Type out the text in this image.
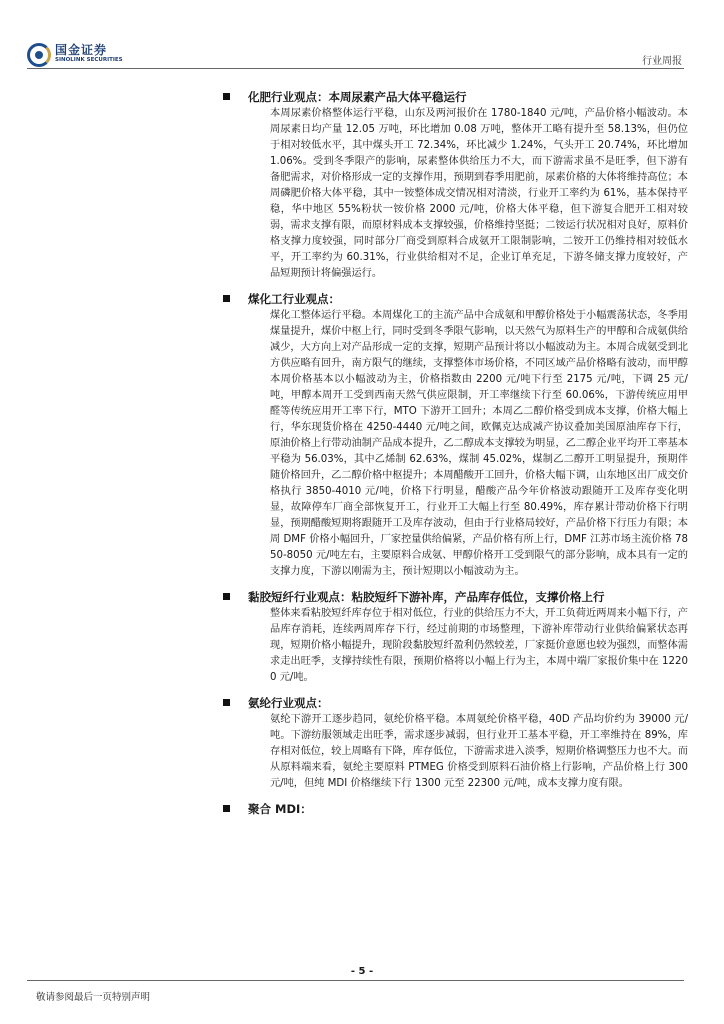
国金证券
SINOLINK SECURITIES	行业周报
化肥行业观点：本周尿素产品大体平稳运行
本周尿素价格整体运行平稳，山东及两河报价在 1780-1840 元/吨，产品价格小幅波动。本周尿素日均产量 12.05 万吨，环比增加 0.08 万吨，整体开工略有提升至 58.13%，但仍位于相对较低水平，其中煤头开工 72.34%，环比减少 1.24%，气头开工 20.74%，环比增加 1.06%。受到冬季限产的影响，尿素整体供给压力不大，而下游需求虽不是旺季，但下游有备肥需求，对价格形成一定的支撑作用，预期到春季用肥前，尿素价格的大体将维持高位；本周磷肥价格大体平稳，其中一铵整体成交情况相对清淡，行业开工率约为 61%，基本保持平稳，华中地区 55%粉状一铵价格 2000 元/吨，价格大体平稳，但下游复合肥开工相对较弱，需求支撑有限，而原材料成本支撑较强，价格维持坚挺；二铵运行状况相对良好，原料价格支撑力度较强，同时部分厂商受到原料合成氨开工限制影响，二铵开工仍维持相对较低水平，开工率约为 60.31%，行业供给相对不足，企业订单充足，下游冬储支撑力度较好，产品短期预计将偏强运行。
煤化工行业观点：
煤化工整体运行平稳。本周煤化工的主流产品中合成氨和甲醇价格处于小幅震荡状态，冬季用煤量提升，煤价中枢上行，同时受到冬季限气影响，以天然气为原料生产的甲醇和合成氨供给减少，大方向上对产品形成一定的支撑，短期产品预计将以小幅波动为主。本周合成氨受到北方供应略有回升，南方限气的继续，支撑整体市场价格，不同区域产品价格略有波动，而甲醇本周价格基本以小幅波动为主，价格指数由 2200 元/吨下行至 2175 元/吨，下调 25 元/吨，甲醇本周开工受到西南天然气供应限制，开工率继续下行至 60.06%，下游传统应用甲醛等传统应用开工率下行，MTO 下游开工回升；本周乙二醇价格受到成本支撑，价格大幅上行，华东现货价格在 4250-4440 元/吨之间，欧佩克达成减产协议叠加美国原油库存下行，原油价格上行带动油制产品成本提升，乙二醇成本支撑较为明显，乙二醇企业平均开工率基本平稳为 56.03%，其中乙烯制 62.63%，煤制 45.02%，煤制乙二醇开工明显提升，预期伴随价格回升，乙二醇价格中枢提升；本周醋酸开工回升，价格大幅下调，山东地区出厂成交价格执行 3850-4010 元/吨，价格下行明显，醋酸产品今年价格波动跟随开工及库存变化明显，故障停车厂商全部恢复开工，行业开工大幅上行至 80.49%，库存累计带动价格下行明显，预期醋酸短期将跟随开工及库存波动，但由于行业格局较好，产品价格下行压力有限；本周 DMF 价格小幅回升，厂家控量供给偏紧，产品价格有所上行，DMF 江苏市场主流价格 7850-8050 元/吨左右，主要原料合成氨、甲醇价格开工受到限气的部分影响，成本具有一定的支撑力度，下游以刚需为主，预计短期以小幅波动为主。
黏胶短纤行业观点：粘胶短纤下游补库，产品库存低位，支撑价格上行
整体来看粘胶短纤库存位于相对低位，行业的供给压力不大，开工负荷近两周来小幅下行，产品库存消耗，连续两周库存下行，经过前期的市场整理，下游补库带动行业供给偏紧状态再现，短期价格小幅提升，现阶段黏胶短纤盈利仍然较差，厂家挺价意愿也较为强烈，而整体需求走出旺季，支撑持续性有限，预期价格将以小幅上行为主，本周中端厂家报价集中在 12200 元/吨。
氨纶行业观点：
氨纶下游开工逐步趋同，氨纶价格平稳。本周氨纶价格平稳，40D 产品均价约为 39000 元/吨。下游纺服领域走出旺季，需求逐步减弱，但行业开工基本平稳，开工率维持在 89%，库存相对低位，较上周略有下降，库存低位，下游需求进入淡季，短期价格调整压力也不大。而从原料端来看，氨纶主要原料 PTMEG 价格受到原料石油价格上行影响，产品价格上行 300 元/吨，但纯 MDI 价格继续下行 1300 元至 22300 元/吨，成本支撑力度有限。
聚合 MDI：
- 5 -
敬请参阅最后一页特别声明
